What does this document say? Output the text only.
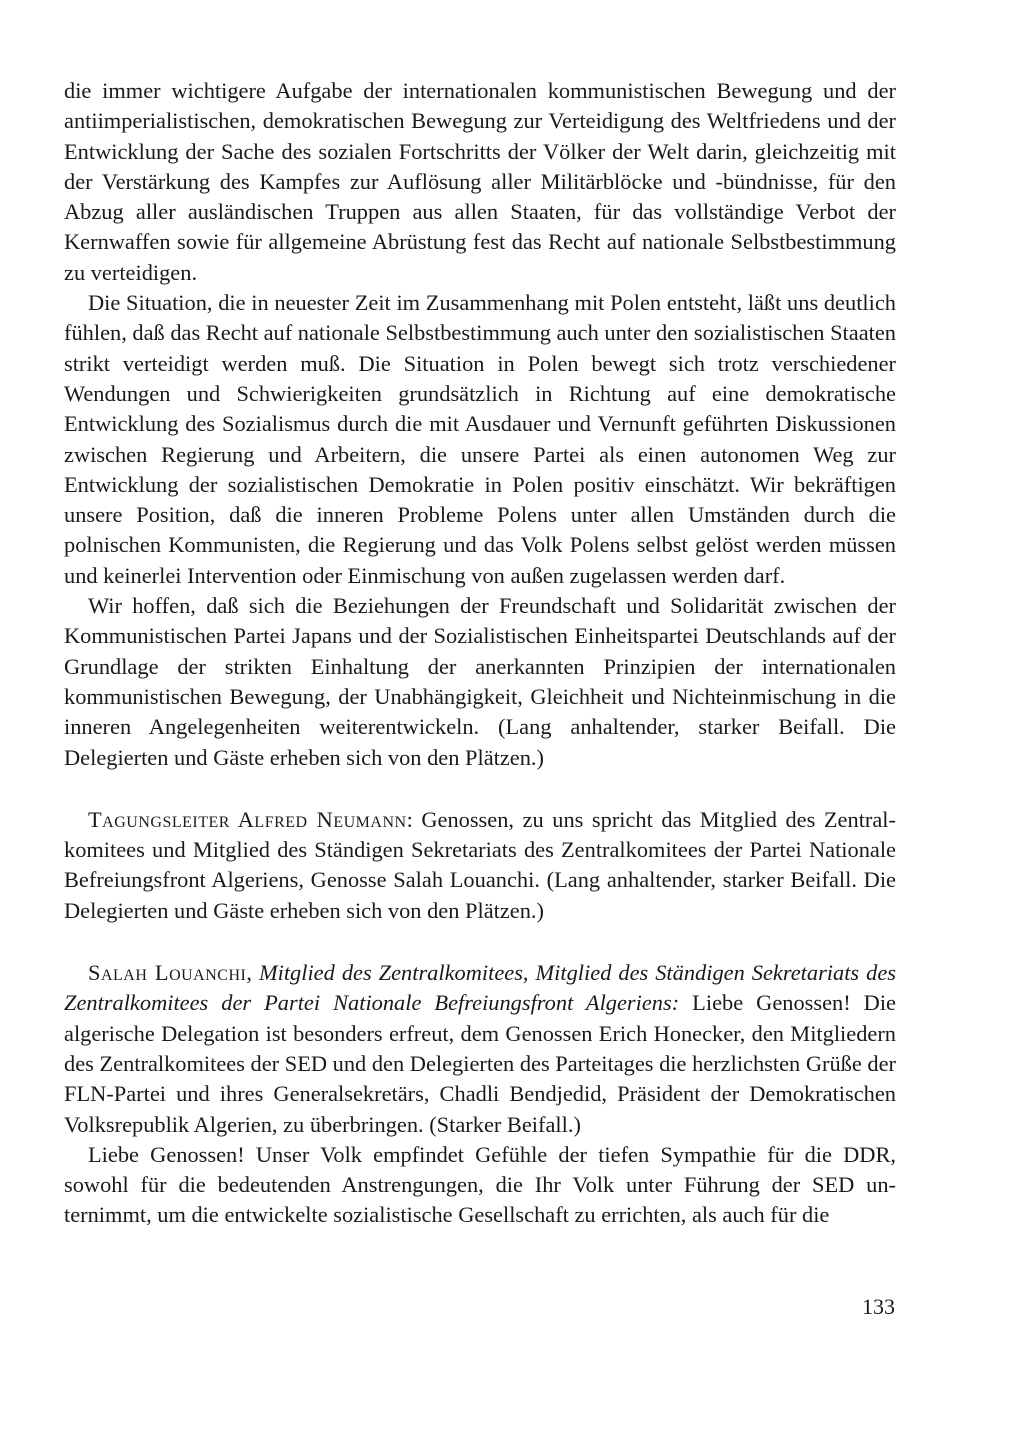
die immer wichtigere Aufgabe der internationalen kommunistischen Bewegung und der antiimperialistischen, demokratischen Bewegung zur Verteidigung des Weltfriedens und der Entwicklung der Sache des sozialen Fortschritts der Völker der Welt darin, gleichzeitig mit der Verstärkung des Kampfes zur Auflösung aller Militärblöcke und -bündnisse, für den Abzug aller ausländischen Truppen aus allen Staaten, für das vollständige Verbot der Kernwaffen sowie für allgemeine Abrüstung fest das Recht auf nationale Selbstbestimmung zu verteidigen.

Die Situation, die in neuester Zeit im Zusammenhang mit Polen entsteht, läßt uns deutlich fühlen, daß das Recht auf nationale Selbstbestimmung auch unter den sozialistischen Staaten strikt verteidigt werden muß. Die Situation in Polen bewegt sich trotz verschiedener Wendungen und Schwierigkeiten grundsätzlich in Richtung auf eine demokratische Entwicklung des Sozialismus durch die mit Ausdauer und Vernunft geführten Diskussionen zwischen Regierung und Arbeitern, die unsere Partei als einen autonomen Weg zur Entwicklung der sozialistischen Demokratie in Polen positiv einschätzt. Wir bekräftigen unsere Position, daß die inneren Probleme Polens unter allen Umständen durch die polnischen Kommunisten, die Regierung und das Volk Polens selbst gelöst werden müssen und keinerlei Intervention oder Einmischung von außen zugelassen werden darf.

Wir hoffen, daß sich die Beziehungen der Freundschaft und Solidarität zwischen der Kommunistischen Partei Japans und der Sozialistischen Einheitspartei Deutschlands auf der Grundlage der strikten Einhaltung der anerkannten Prinzipien der internationalen kommunistischen Bewegung, der Unabhängigkeit, Gleichheit und Nichteinmischung in die inneren Angelegenheiten weiterentwickeln. (Lang anhaltender, starker Beifall. Die Delegierten und Gäste erheben sich von den Plätzen.)

Tagungsleiter Alfred Neumann: Genossen, zu uns spricht das Mitglied des Zentralkomitees und Mitglied des Ständigen Sekretariats des Zentralkomitees der Partei Nationale Befreiungsfront Algeriens, Genosse Salah Louanchi. (Lang anhaltender, starker Beifall. Die Delegierten und Gäste erheben sich von den Plätzen.)

Salah Louanchi, Mitglied des Zentralkomitees, Mitglied des Ständigen Sekretariats des Zentralkomitees der Partei Nationale Befreiungsfront Algeriens: Liebe Genossen! Die algerische Delegation ist besonders erfreut, dem Genossen Erich Honecker, den Mitgliedern des Zentralkomitees der SED und den Delegierten des Parteitages die herzlichsten Grüße der FLN-Partei und ihres Generalsekretärs, Chadli Bendjedid, Präsident der Demokratischen Volksrepublik Algerien, zu überbringen. (Starker Beifall.)

Liebe Genossen! Unser Volk empfindet Gefühle der tiefen Sympathie für die DDR, sowohl für die bedeutenden Anstrengungen, die Ihr Volk unter Führung der SED unternimmt, um die entwickelte sozialistische Gesellschaft zu errichten, als auch für die

133
